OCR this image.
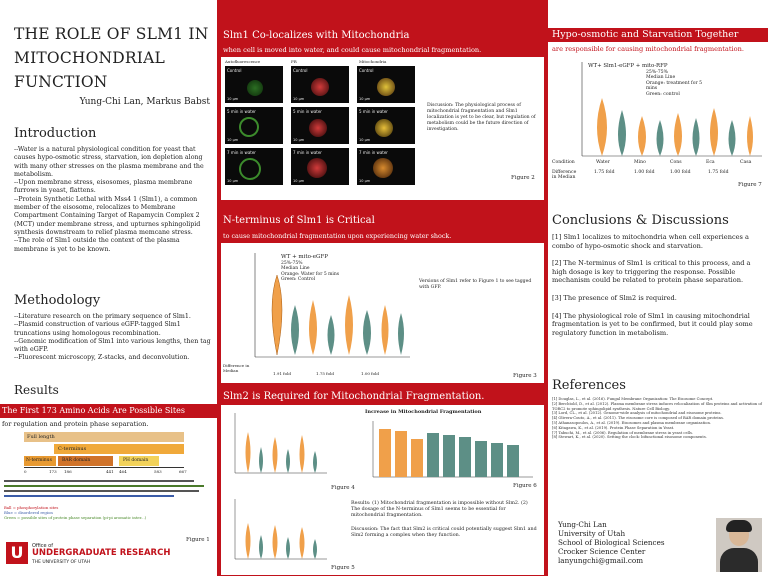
THE ROLE OF SLM1 IN MITOCHONDRIAL FUNCTION
Yung-Chi Lan, Markus Babst
Introduction
--Water is a natural physiological condition for yeast that causes hypo-osmotic stress, starvation, ion depletion along with many other stresses on the plasma membrane and the metabolism.
--Upon membrane stress, eisosomes, plasma membrane furrows in yeast, flattens.
--Protein Synthetic Lethal with Mss4 1 (Slm1), a common member of the eisosome, relocalizes to Membrane Compartment Containing Target of Rapamycin Complex 2 (MCT) under membrane stress, and upturnes sphingolipid synthesis downstream to relief plasma memcane stress.
--The role of Slm1 outside the context of the plasma membrane is yet to be known.
Methodology
--Literature research on the primary sequence of Slm1.
--Plasmid construction of various eGFP-tagged Slm1 truncations using homologous recombination.
--Genomic modification of Slm1 into various lengths, then tag with eGFP.
--Fluorescent microscopy, Z-stacks, and deconvolution.
Results
The First 173 Amino Acids Are Possible Sites
for regulation and protein phase separation.
Full length
C-terminus
N-terminus	BAR domain	PH domain
0	173 186	441 464	583	667
Ball = phosphorylation sites
Blue = disordered region
Green = possible sites of protein phase separation (pi-pi aromatic inter...)
Figure 1
U	Office of
UNDERGRADUATE RESEARCH
THE UNIVERSITY OF UTAH
Slm1 Co-localizes with Mitochondria
when cell is moved into water, and could cause mitochondrial fragmentation.
Autofluorescence	FR	Mitochondria
Control
10 µm
Control
10 µm
Control
10 µm
5 min in water
10 µm
5 min in water
10 µm
5 min in water
10 µm
7 min in water
10 µm
7 min in water
10 µm
7 min in water
10 µm
Discussion: The physiological process of mitochondrial fragmentation and Slm1 localization is yet to be clear, but regulation of metabolism could be the future direction of investigation.
Figure 2
N-terminus of Slm1 is Critical
to cause mitochondrial fragmentation upon experiencing water shock.
WT + mito-eGFP
25%-75%
Median Line
Orange: Water for 5 mins
Green: Control
Difference in Median
1.91 fold	1.75 fold	1.00 fold
Versions of Slm1 refer to Figure 1 to see tagged with GFP.
Figure 3
Slm2 is Required for Mitochondrial Fragmentation.
Figure 4
Figure 5
Increase in Mitochondrial Fragmentation
Figure 6
Results: (1) Mitochondrial fragmentation is impossible without Slm2. (2) The dosage of the N-terminus of Slm1 seems to be essential for mitochondrial fragmentation.
Discussion: The fact that Slm2 is critical could potentially suggest Slm1 and Slm2 forming a complex when they function.
Hypo-osmotic and Starvation Together
are responsible for causing mitochondrial fragmentation.
WT+ Slm1-eGFP + mito-RFP
25%-75%
Median Line
Orange: treatment for 5 mins
Green: control
Condition	Water	Mino	Cons	Eca	Casa
Difference in Median
1.75 fold	1.00 fold	1.00 fold	1.75 fold
Figure 7
Conclusions & Discussions

[1] Slm1 localizes to mitochondria when cell experiences a combo of hypo-osmotic shock and starvation.

[2] The N-terminus of Slm1 is critical to this process, and a high dosage is key to triggering the response. Possible mechanism could be related to protein phase separation.

[3] The presence of Slm2 is required.

[4] The physiological role of Slm1 in causing mitochondrial fragmentation is yet to be confirmed, but it could play some regulatory function in metabolism.

References
[1] Douglas, L., et al. (2016). Fungal Membrane Organization: The Eisosome Concept.
[2] Berchtold, D., et al. (2012). Plasma membrane stress induces relocalization of Slm proteins and activation of TORC2 to promote sphingolipid synthesis. Nature Cell Biology.
[3] Lord, CL., et al. (2012). Genome-wide analysis of mitochondrial and eisosome proteins.
[4] Olivera-Couto, A., et al. (2011). The eisosome core is composed of BAR domain proteins.
[5] Athanasopoulos, A., et al. (2019). Eisosomes and plasma membrane organization.
[6] Kitagawa, K., et al. (2019). Protein Phase Separation in Yeast.
[7] Tabuchi, M., et al. (2006). Regulation of membrane stress in yeast cells.
[8] Stewart, K., et al. (2020). Setting the clock: bifunctional eisosome components.
Yung-Chi Lan
University of Utah
School of Biological Sciences
Crocker Science Center
lanyungchi@gmail.com
